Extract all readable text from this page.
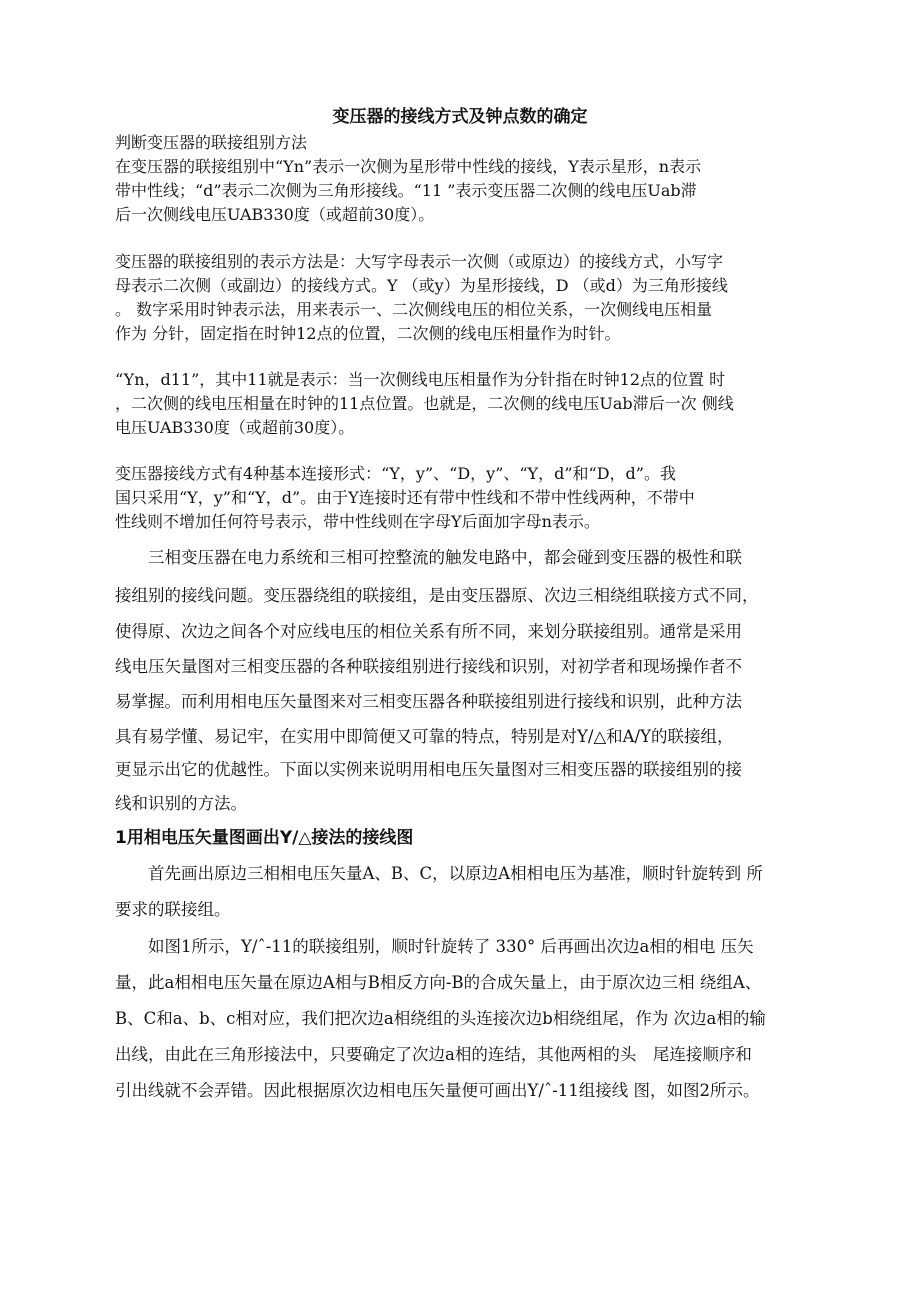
变压器的接线方式及钟点数的确定
判断变压器的联接组别方法
在变压器的联接组别中“Yn”表示一次侧为星形带中性线的接线，Y表示星形，n表示
带中性线；“d”表示二次侧为三角形接线。“11 ”表示变压器二次侧的线电压Uab滞
后一次侧线电压UAB330度（或超前30度）。
变压器的联接组别的表示方法是：大写字母表示一次侧（或原边）的接线方式，小写字
母表示二次侧（或副边）的接线方式。Y （或y）为星形接线，D （或d）为三角形接线
。 数字采用时钟表示法，用来表示一、二次侧线电压的相位关系，一次侧线电压相量
作为 分针，固定指在时钟12点的位置，二次侧的线电压相量作为时针。
“Yn，d11”，其中11就是表示：当一次侧线电压相量作为分针指在时钟12点的位置 时
，二次侧的线电压相量在时钟的11点位置。也就是，二次侧的线电压Uab滞后一次 侧线
电压UAB330度（或超前30度）。
变压器接线方式有4种基本连接形式：“Y，y”、“D，y”、“Y，d”和“D，d”。我
国只采用“Y，y”和“Y，d”。由于Y连接时还有带中性线和不带中性线两种，不带中
性线则不增加任何符号表示，带中性线则在字母Y后面加字母n表示。
　　三相变压器在电力系统和三相可控整流的触发电路中，都会碰到变压器的极性和联
接组别的接线问题。变压器绕组的联接组，是由变压器原、次边三相绕组联接方式不同，
使得原、次边之间各个对应线电压的相位关系有所不同，来划分联接组别。通常是采用
线电压矢量图对三相变压器的各种联接组别进行接线和识别，对初学者和现场操作者不
易掌握。而利用相电压矢量图来对三相变压器各种联接组别进行接线和识别，此种方法
具有易学懂、易记牢，在实用中即简便又可靠的特点，特别是对Y/△和A/Y的联接组，
更显示出它的优越性。下面以实例来说明用相电压矢量图对三相变压器的联接组别的接
线和识别的方法。
1用相电压矢量图画出Y/△接法的接线图
　　首先画出原边三相相电压矢量A、B、C，以原边A相相电压为基准，顺时针旋转到 所
要求的联接组。
　　如图1所示，Y/ˆ-11的联接组别，顺时针旋转了 330° 后再画出次边a相的相电 压矢
量，此a相相电压矢量在原边A相与B相反方向-B的合成矢量上，由于原次边三相 绕组A、
B、C和a、b、c相对应，我们把次边a相绕组的头连接次边b相绕组尾，作为 次边a相的输
出线，由此在三角形接法中，只要确定了次边a相的连结，其他两相的头　尾连接顺序和
引出线就不会弄错。因此根据原次边相电压矢量便可画出Y/ˆ-11组接线 图，如图2所示。
